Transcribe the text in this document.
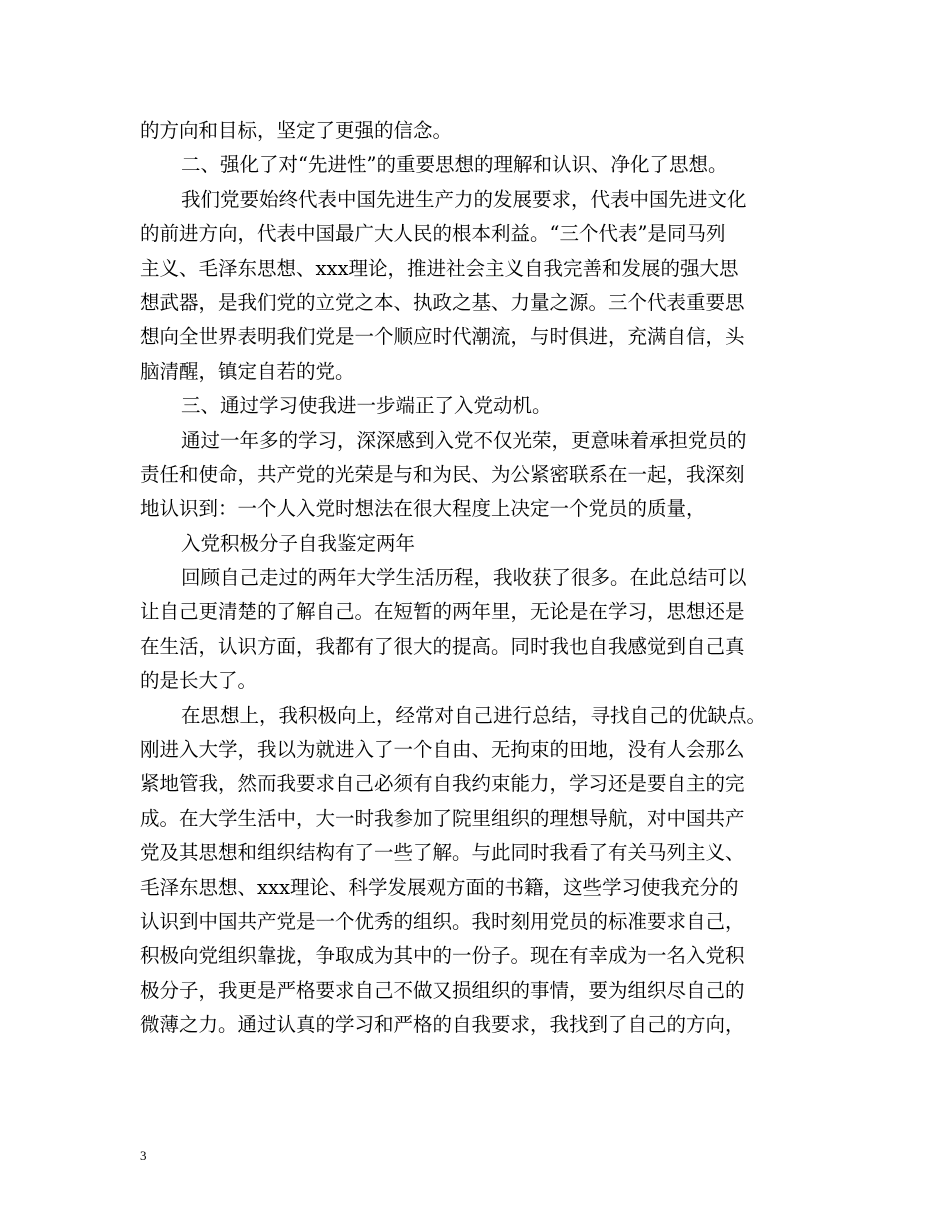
的方向和目标，坚定了更强的信念。
二、强化了对“先进性”的重要思想的理解和认识、净化了思想。
我们党要始终代表中国先进生产力的发展要求，代表中国先进文化
的前进方向，代表中国最广大人民的根本利益。“三个代表”是同马列
主义、毛泽东思想、xxx理论，推进社会主义自我完善和发展的强大思
想武器，是我们党的立党之本、执政之基、力量之源。三个代表重要思
想向全世界表明我们党是一个顺应时代潮流，与时俱进，充满自信，头
脑清醒，镇定自若的党。
三、通过学习使我进一步端正了入党动机。
通过一年多的学习，深深感到入党不仅光荣，更意味着承担党员的
责任和使命，共产党的光荣是与和为民、为公紧密联系在一起，我深刻
地认识到：一个人入党时想法在很大程度上决定一个党员的质量，
入党积极分子自我鉴定两年
回顾自己走过的两年大学生活历程，我收获了很多。在此总结可以
让自己更清楚的了解自己。在短暂的两年里，无论是在学习，思想还是
在生活，认识方面，我都有了很大的提高。同时我也自我感觉到自己真
的是长大了。
在思想上，我积极向上，经常对自己进行总结，寻找自己的优缺点。
刚进入大学，我以为就进入了一个自由、无拘束的田地，没有人会那么
紧地管我，然而我要求自己必须有自我约束能力，学习还是要自主的完
成。在大学生活中，大一时我参加了院里组织的理想导航，对中国共产
党及其思想和组织结构有了一些了解。与此同时我看了有关马列主义、
毛泽东思想、xxx理论、科学发展观方面的书籍，这些学习使我充分的
认识到中国共产党是一个优秀的组织。我时刻用党员的标准要求自己，
积极向党组织靠拢，争取成为其中的一份子。现在有幸成为一名入党积
极分子，我更是严格要求自己不做又损组织的事情，要为组织尽自己的
微薄之力。通过认真的学习和严格的自我要求，我找到了自己的方向，
3
